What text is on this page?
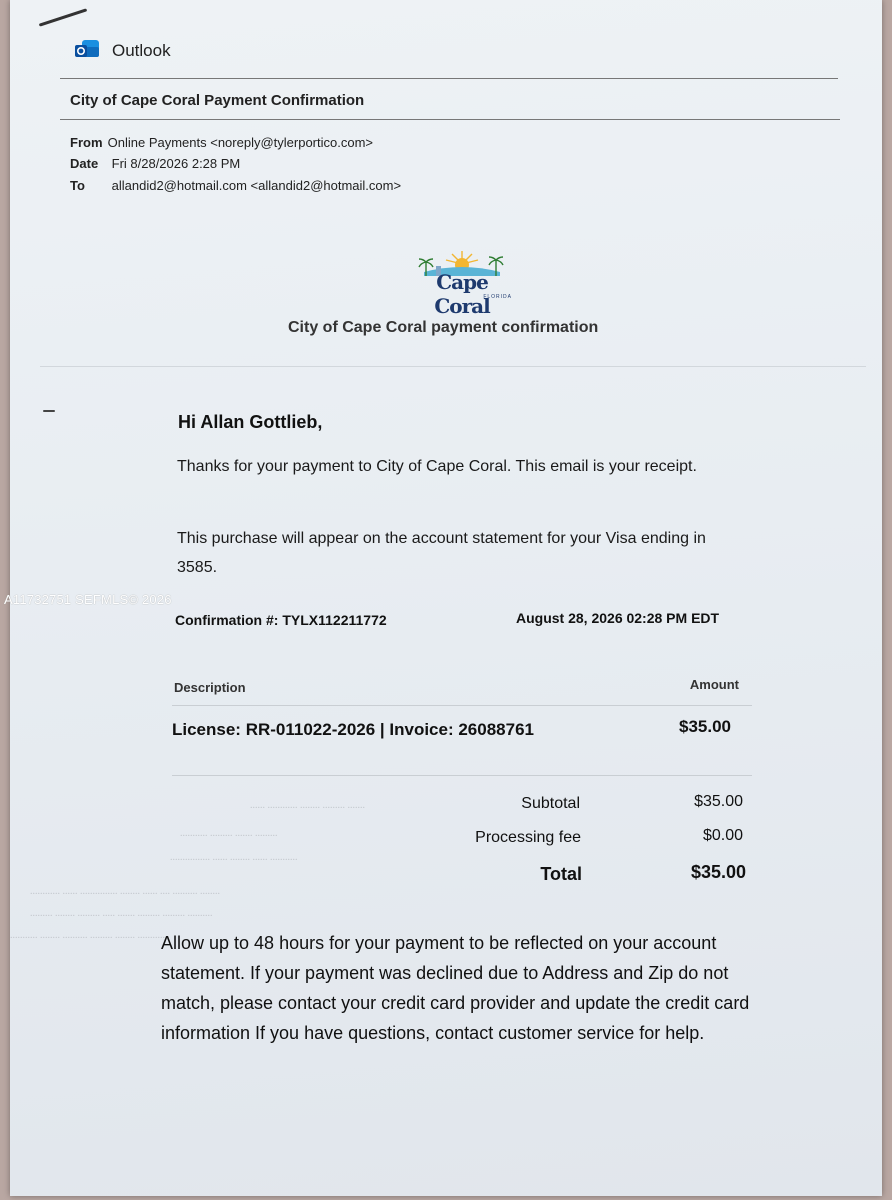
Outlook
City of Cape Coral Payment Confirmation
From Online Payments <noreply@tylerportico.com>
Date Fri 8/28/2026 2:28 PM
To allandid2@hotmail.com <allandid2@hotmail.com>
Cape Coral
FLORIDA
City of Cape Coral payment confirmation
Hi Allan Gottlieb,
Thanks for your payment to City of Cape Coral. This email is your receipt.
This purchase will appear on the account statement for your Visa ending in 3585.
Confirmation #: TYLX112211772	August 28, 2026 02:28 PM EDT
Description	Amount
License: RR-011022-2026 | Invoice: 26088761	$35.00
...... ............ ........ ......... .......
........... ......... ....... .........
................ ...... ........ ...... ...........
............ ...... ............... ........ ...... .... .......... ........
......... ........ ......... ..... ....... ......... ......... ..........
........... ........ .......... ......... ........ ...........
Subtotal	$35.00
Processing fee	$0.00
Total	$35.00
Allow up to 48 hours for your payment to be reflected on your account statement. If your payment was declined due to Address and Zip do not match, please contact your credit card provider and update the credit card information If you have questions, contact customer service for help.
A11732751 SEFMLS© 2026
